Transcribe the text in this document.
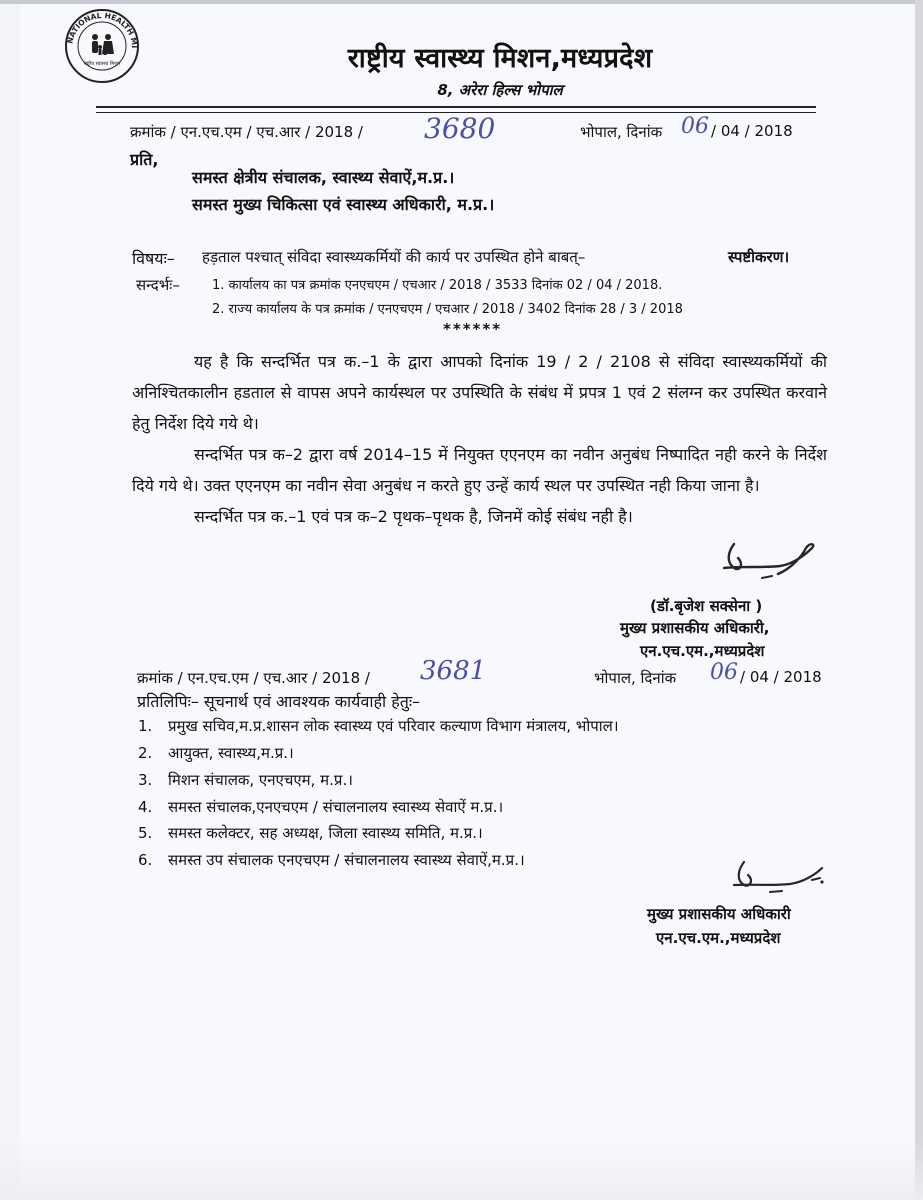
NATIONAL HEALTH MI
राष्ट्रीय स्वास्थ्य मिशन	राष्ट्रीय स्वास्थ्य मिशन,मध्यप्रदेश
8, अरेरा हिल्स भोपाल
क्रमांक / एन.एच.एम / एच.आर / 2018 / 3680	भोपाल, दिनांक 06 / 04 / 2018
प्रति,
समस्त क्षेत्रीय संचालक, स्वास्थ्य सेवाऐं,म.प्र.।
समस्त मुख्य चिकित्सा एवं स्वास्थ्य अधिकारी, म.प्र.।
विषयः– हड़ताल पश्चात् संविदा स्वास्थ्यकर्मियों की कार्य पर उपस्थित होने बाबत्–	स्पष्टीकरण।
सन्दर्भः– 1. कार्यालय का पत्र क्रमांक एनएचएम / एचआर / 2018 / 3533 दिनांक 02 / 04 / 2018.
2. राज्य कार्यालय के पत्र क्रमांक / एनएचएम / एचआर / 2018 / 3402 दिनांक 28 / 3 / 2018
******

यह है कि सन्दर्भित पत्र क.–1 के द्वारा आपको दिनांक 19 / 2 / 2108 से संविदा स्वास्थ्यकर्मियों की अनिश्चितकालीन हडताल से वापस अपने कार्यस्थल पर उपस्थिति के संबंध में प्रपत्र 1 एवं 2 संलग्न कर उपस्थित करवाने हेतु निर्देश दिये गये थे।

सन्दर्भित पत्र क–2 द्वारा वर्ष 2014–15 में नियुक्त एएनएम का नवीन अनुबंध निष्पादित नही करने के निर्देश दिये गये थे। उक्त एएनएम का नवीन सेवा अनुबंध न करते हुए उन्हें कार्य स्थल पर उपस्थित नही किया जाना है।

सन्दर्भित पत्र क.–1 एवं पत्र क–2 पृथक–पृथक है, जिनमें कोई संबंध नही है।

(डॉ.बृजेश सक्सेना )
मुख्य प्रशासकीय अधिकारी,
एन.एच.एम.,मध्यप्रदेश
क्रमांक / एन.एच.एम / एच.आर / 2018 / 3681	भोपाल, दिनांक 06 / 04 / 2018
प्रतिलिपिः– सूचनार्थ एवं आवश्यक कार्यवाही हेतुः–
1. प्रमुख सचिव,म.प्र.शासन लोक स्वास्थ्य एवं परिवार कल्याण विभाग मंत्रालय, भोपाल।
2. आयुक्त, स्वास्थ्य,म.प्र.।
3. मिशन संचालक, एनएचएम, म.प्र.।
4. समस्त संचालक,एनएचएम / संचालनालय स्वास्थ्य सेवाऐं म.प्र.।
5. समस्त कलेक्टर, सह अध्यक्ष, जिला स्वास्थ्य समिति, म.प्र.।
6. समस्त उप संचालक एनएचएम / संचालनालय स्वास्थ्य सेवाऐं,म.प्र.।
मुख्य प्रशासकीय अधिकारी
एन.एच.एम.,मध्यप्रदेश
